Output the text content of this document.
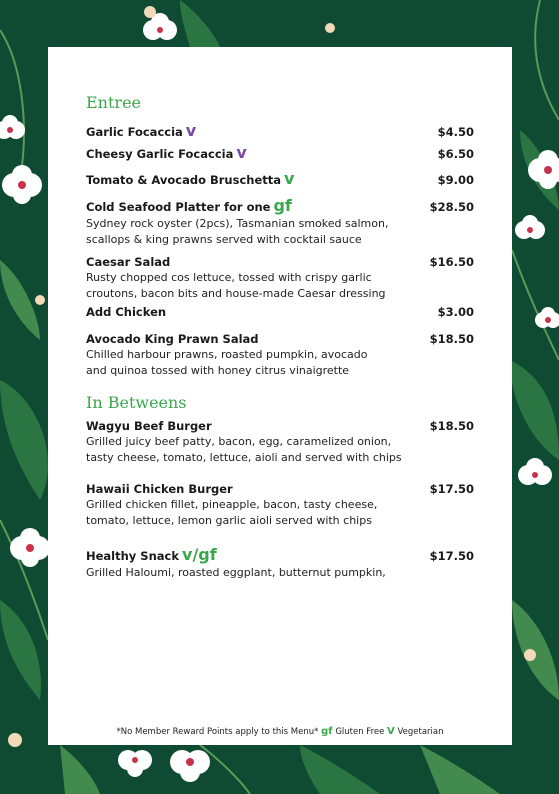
Entree
Garlic Focaccia v	$4.50
Cheesy Garlic Focaccia v	$6.50
Tomato & Avocado Bruschetta v	$9.00
Cold Seafood Platter for one gf	$28.50
Sydney rock oyster (2pcs), Tasmanian smoked salmon,
scallops & king prawns served with cocktail sauce
Caesar Salad	$16.50
Rusty chopped cos lettuce, tossed with crispy garlic
croutons, bacon bits and house-made Caesar dressing
Add Chicken	$3.00
Avocado King Prawn Salad	$18.50
Chilled harbour prawns, roasted pumpkin, avocado
and quinoa tossed with honey citrus vinaigrette
In Betweens
Wagyu Beef Burger	$18.50
Grilled juicy beef patty, bacon, egg, caramelized onion,
tasty cheese, tomato, lettuce, aioli and served with chips
Hawaii Chicken Burger	$17.50
Grilled chicken fillet, pineapple, bacon, tasty cheese,
tomato, lettuce, lemon garlic aioli served with chips
Healthy Snack v/gf	$17.50
Grilled Haloumi, roasted eggplant, butternut pumpkin,
*No Member Reward Points apply to this Menu* gf Gluten Free V Vegetarian
